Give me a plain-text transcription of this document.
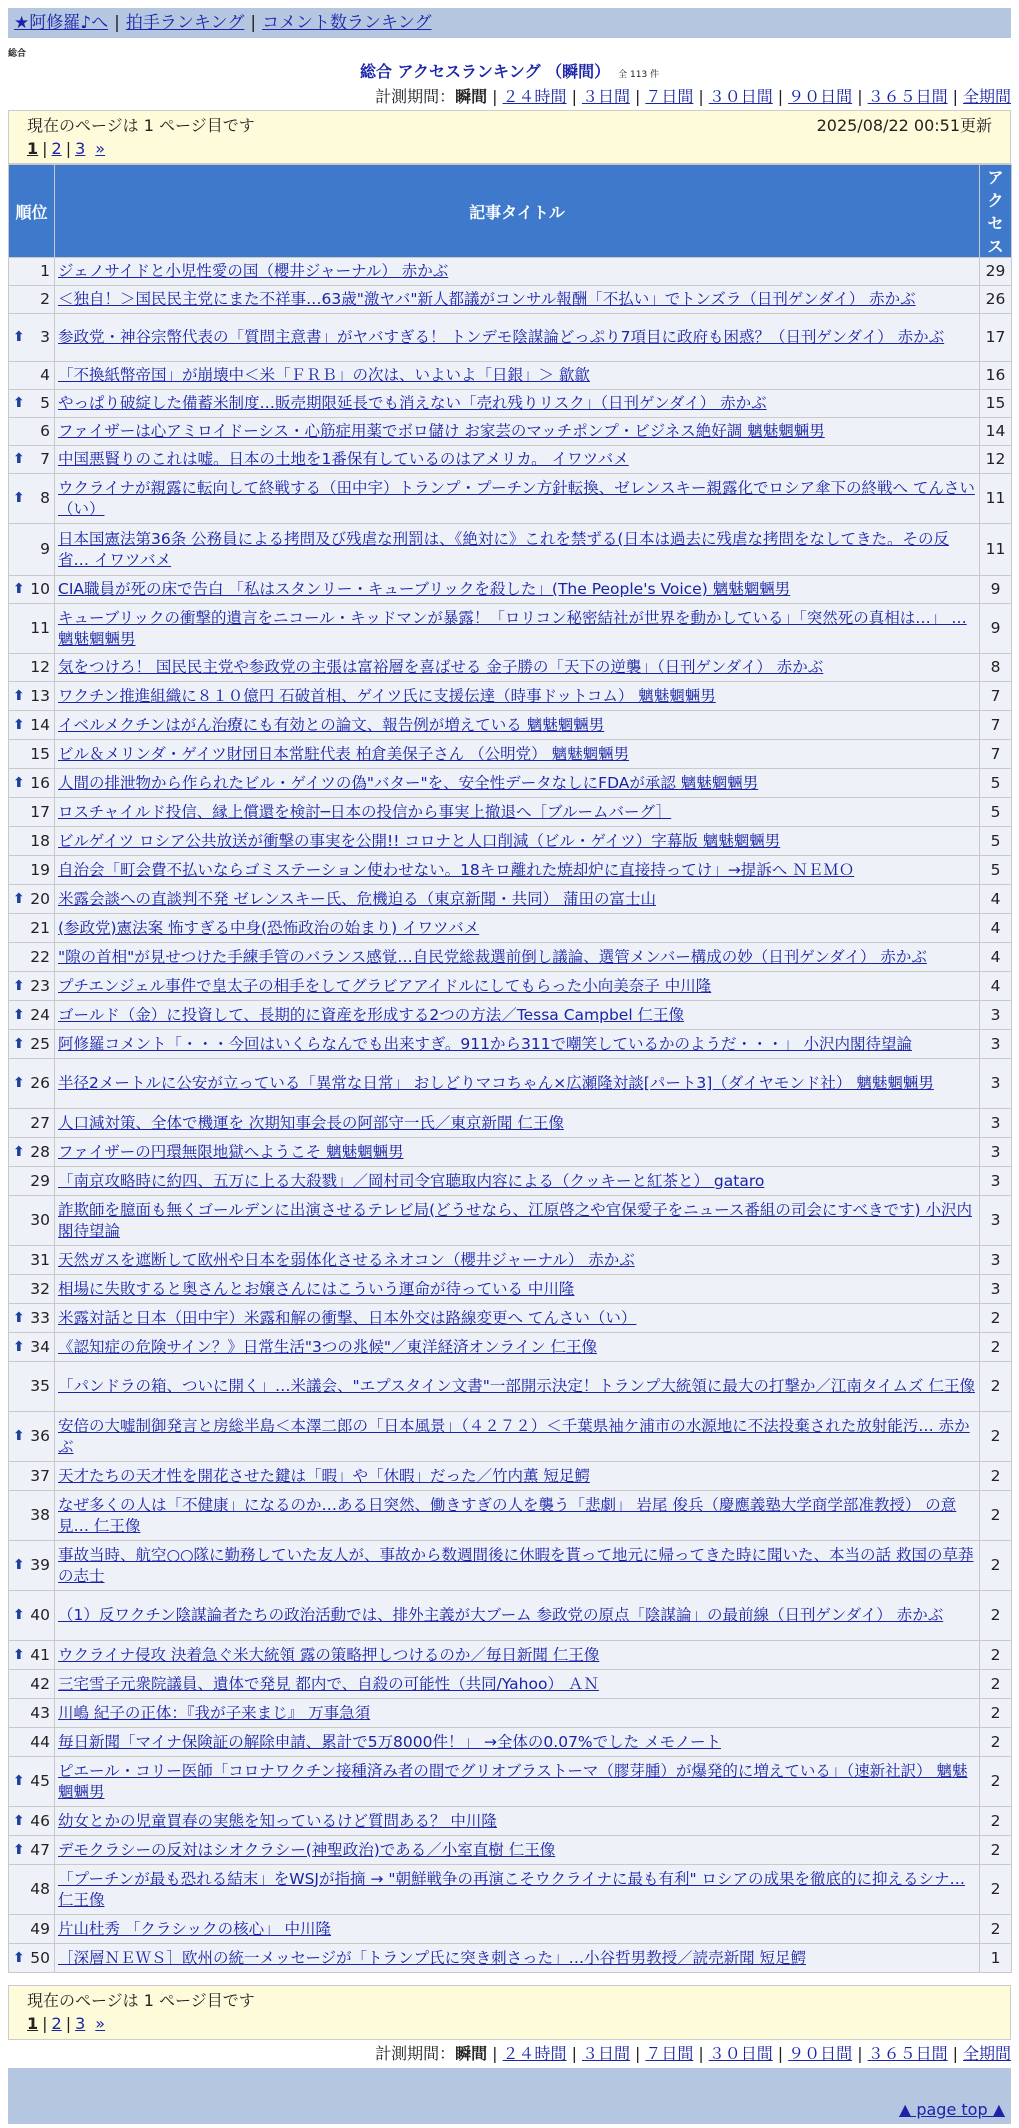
★阿修羅♪へ | 拍手ランキング | コメント数ランキング
総合
総合 アクセスランキング （瞬間） 全 113 件
計測期間：瞬間 | ２４時間 | ３日間 | ７日間 | ３０日間 | ９０日間 | ３６５日間 | 全期間
現在のページは 1 ページ目です	2025/08/22 00:51更新
1 | 2 | 3 »
順位	記事タイトル	アクセス
1	ジェノサイドと小児性愛の国（櫻井ジャーナル） 赤かぶ	29
2	＜独自！＞国民民主党にまた不祥事…63歳"激ヤバ"新人都議がコンサル報酬「不払い」でトンズラ（日刊ゲンダイ） 赤かぶ	26

⬆ 3	参政党・神谷宗幣代表の「質問主意書」がヤバすぎる！ トンデモ陰謀論どっぷり7項目に政府も困惑？（日刊ゲンダイ） 赤かぶ	17
4	「不換紙幣帝国」が崩壊中＜米「ＦＲＢ」の次は、いよいよ「日銀」＞ 歙歙	16

⬆ 5	やっぱり破綻した備蓄米制度…販売期限延長でも消えない「売れ残りリスク」（日刊ゲンダイ） 赤かぶ	15
6	ファイザーは心アミロイドーシス・心筋症用薬でボロ儲け お家芸のマッチポンプ・ビジネス絶好調 魑魅魍魎男	14

⬆ 7	中国悪賢りのこれは嘘。日本の土地を1番保有しているのはアメリカ。 イワツバメ	12

⬆ 8	ウクライナが親露に転向して終戦する（田中宇）トランプ・プーチン方針転換、ゼレンスキー親露化でロシア傘下の終戦へ てんさい（い）	11
9	日本国憲法第36条 公務員による拷問及び残虐な刑罰は、《絶対に》これを禁ずる(日本は過去に残虐な拷問をなしてきた。その反省… イワツバメ	11

⬆ 10	CIA職員が死の床で告白 「私はスタンリー・キューブリックを殺した」(The People's Voice) 魑魅魍魎男	9
11	キューブリックの衝撃的遺言をニコール・キッドマンが暴露！「ロリコン秘密結社が世界を動かしている」「突然死の真相は…」 … 魑魅魍魎男	9
12	気をつけろ！ 国民民主党や参政党の主張は富裕層を喜ばせる 金子勝の「天下の逆襲」（日刊ゲンダイ） 赤かぶ	8

⬆ 13	ワクチン推進組織に８１０億円 石破首相、ゲイツ氏に支援伝達（時事ドットコム） 魑魅魍魎男	7

⬆ 14	イベルメクチンはがん治療にも有効との論文、報告例が増えている 魑魅魍魎男	7
15	ビル＆メリンダ・ゲイツ財団日本常駐代表 柏倉美保子さん （公明党） 魑魅魍魎男	7

⬆ 16	人間の排泄物から作られたビル・ゲイツの偽"バター"を、安全性データなしにFDAが承認 魑魅魍魎男	5
17	ロスチャイルド投信、縁上償還を検討─日本の投信から事実上撤退へ［ブルームバーグ］	5
18	ビルゲイツ ロシア公共放送が衝撃の事実を公開!! コロナと人口削減（ビル・ゲイツ）字幕版 魑魅魍魎男	5
19	自治会「町会費不払いならゴミステーション使わせない。18キロ離れた焼却炉に直接持ってけ」→提訴へ ＮＥＭＯ	5

⬆ 20	米露会談への直談判不発 ゼレンスキー氏、危機迫る（東京新聞・共同） 蒲田の富士山	4
21	(参政党)憲法案 怖すぎる中身(恐怖政治の始まり) イワツバメ	4
22	"隙の首相"が見せつけた手練手管のバランス感覚…自民党総裁選前倒し議論、選管メンバー構成の妙（日刊ゲンダイ） 赤かぶ	4

⬆ 23	プチエンジェル事件で皇太子の相手をしてグラビアアイドルにしてもらった小向美奈子 中川隆	4

⬆ 24	ゴールド（金）に投資して、長期的に資産を形成する2つの方法／Tessa Campbel 仁王像	3

⬆ 25	阿修羅コメント「・・・今回はいくらなんでも出来すぎ。911から311で嘲笑しているかのようだ・・・」 小沢内閣待望論	3

⬆ 26	半径2メートルに公安が立っている「異常な日常」 おしどりマコちゃん×広瀬隆対談[パート3]（ダイヤモンド社） 魑魅魍魎男	3
27	人口減対策、全体で機運を 次期知事会長の阿部守一氏／東京新聞 仁王像	3

⬆ 28	ファイザーの円環無限地獄へようこそ 魑魅魍魎男	3
29	「南京攻略時に約四、五万に上る大殺戮」／岡村司令官聴取内容による（クッキーと紅茶と） gataro	3
30	詐欺師を臆面も無くゴールデンに出演させるテレビ局(どうせなら、江原啓之や官保愛子をニュース番組の司会にすべきです) 小沢内閣待望論	3
31	天然ガスを遮断して欧州や日本を弱体化させるネオコン（櫻井ジャーナル） 赤かぶ	3
32	相場に失敗すると奥さんとお嬢さんにはこういう運命が待っている 中川隆	3

⬆ 33	米露対話と日本（田中宇）米露和解の衝撃、日本外交は路線変更へ てんさい（い）	2

⬆ 34	《認知症の危険サイン？》日常生活"3つの兆候"／東洋経済オンライン 仁王像	2
35	「パンドラの箱、ついに開く」…米議会、"エプスタイン文書"一部開示決定！トランプ大統領に最大の打撃か／江南タイムズ 仁王像	2

⬆ 36	安倍の大嘘制御発言と房総半島＜本澤二郎の「日本風景」（４２７２）＜千葉県袖ケ浦市の水源地に不法投棄された放射能汚… 赤かぶ	2
37	天才たちの天才性を開花させた鍵は「暇」や「休暇」だった／竹内薫 短足鰐	2
38	なぜ多くの人は「不健康」になるのか…ある日突然、働きすぎの人を襲う「悲劇」 岩尾 俊兵（慶應義塾大学商学部准教授） の意見… 仁王像	2

⬆ 39	事故当時、航空○○隊に勤務していた友人が、事故から数週間後に休暇を貰って地元に帰ってきた時に聞いた、本当の話 救国の草莽の志士	2

⬆ 40	（1）反ワクチン陰謀論者たちの政治活動では、排外主義が大ブーム 参政党の原点「陰謀論」の最前線（日刊ゲンダイ） 赤かぶ	2

⬆ 41	ウクライナ侵攻 決着急ぐ米大統領 露の策略押しつけるのか／毎日新聞 仁王像	2
42	三宅雪子元衆院議員、遺体で発見 都内で、自殺の可能性（共同/Yahoo） ＡＮ	2
43	川嶋 紀子の正体：『我が子来まじ』 万事急須	2
44	毎日新聞「マイナ保険証の解除申請、累計で5万8000件！」 →全体の0.07%でした メモノート	2

⬆ 45	ピエール・コリー医師「コロナワクチン接種済み者の間でグリオブラストーマ（膠芽腫）が爆発的に増えている」（速新社訳） 魑魅魍魎男	2

⬆ 46	幼女とかの児童買春の実態を知っているけど質問ある？ 中川隆	2

⬆ 47	デモクラシーの反対はシオクラシー(神聖政治)である／小室直樹 仁王像	2
48	「プーチンが最も恐れる結末」をWSJが指摘 → "朝鮮戦争の再演こそウクライナに最も有利" ロシアの成果を徹底的に抑えるシナ… 仁王像	2
49	片山杜秀 「クラシックの核心」 中川隆	2

⬆ 50	［深層ＮＥＷＳ］欧州の統一メッセージが「トランプ氏に突き刺さった」…小谷哲男教授／読売新聞 短足鰐	1
現在のページは 1 ページ目です
1 | 2 | 3 »
計測期間：瞬間 | ２４時間 | ３日間 | ７日間 | ３０日間 | ９０日間 | ３６５日間 | 全期間
▲ page top ▲
